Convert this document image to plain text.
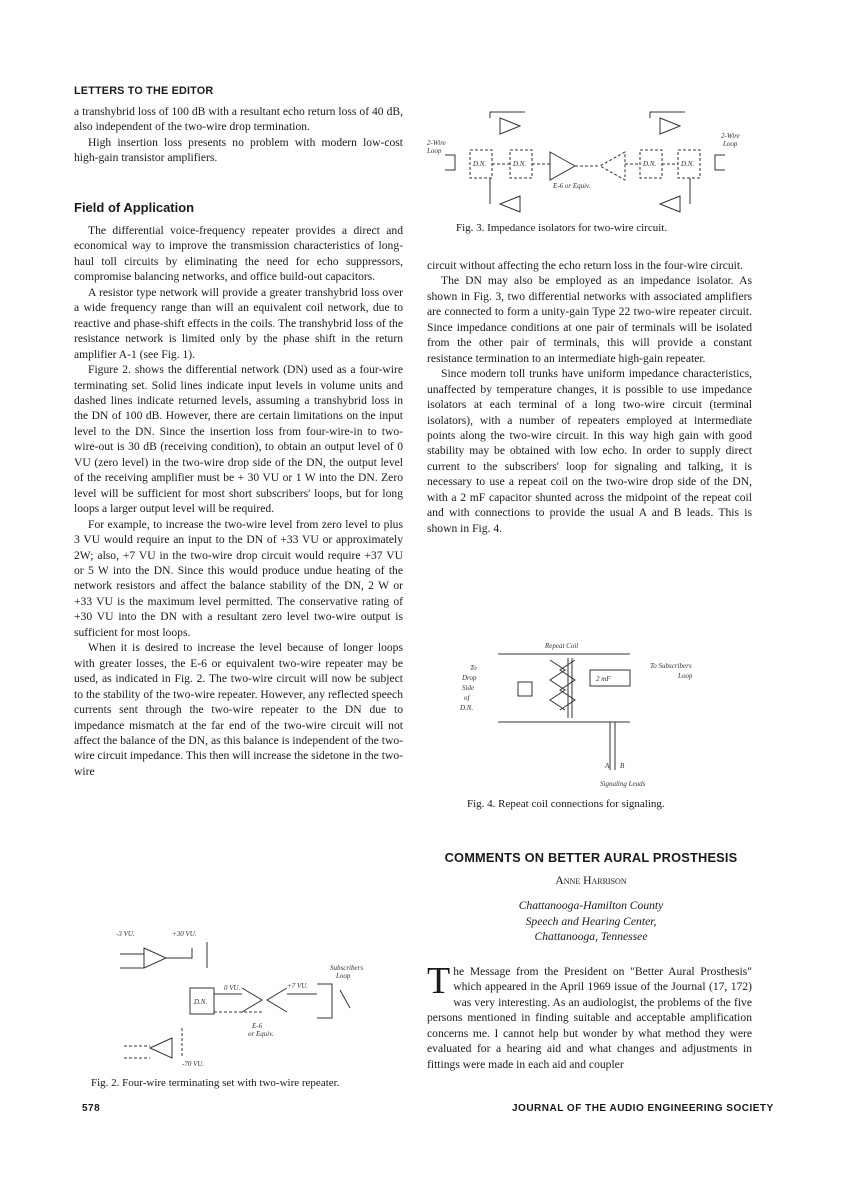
LETTERS TO THE EDITOR

a transhybrid loss of 100 dB with a resultant echo return loss of 40 dB, also independent of the two-wire drop termination.

High insertion loss presents no problem with modern low-cost high-gain transistor amplifiers.

Field of Application

The differential voice-frequency repeater provides a direct and economical way to improve the transmission characteristics of long-haul toll circuits by eliminating the need for echo suppressors, compromise balancing networks, and office build-out capacitors.

A resistor type network will provide a greater transhybrid loss over a wide frequency range than will an equivalent coil network, due to reactive and phase-shift effects in the coils. The transhybrid loss of the resistance network is limited only by the phase shift in the return amplifier A-1 (see Fig. 1).

Figure 2. shows the differential network (DN) used as a four-wire terminating set. Solid lines indicate input levels in volume units and dashed lines indicate returned levels, assuming a transhybrid loss in the DN of 100 dB. However, there are certain limitations on the input level to the DN. Since the insertion loss from four-wire-in to two-wire-out is 30 dB (receiving condition), to obtain an output level of 0 VU (zero level) in the two-wire drop side of the DN, the output level of the receiving amplifier must be + 30 VU or 1 W into the DN. Zero level will be sufficient for most short subscribers' loops, but for long loops a larger output level will be required.

For example, to increase the two-wire level from zero level to plus 3 VU would require an input to the DN of +33 VU or approximately 2W; also, +7 VU in the two-wire drop circuit would require +37 VU or 5 W into the DN. Since this would produce undue heating of the network resistors and affect the balance stability of the DN, 2 W or +33 VU is the maximum level permitted. The conservative rating of +30 VU into the DN with a resultant zero level two-wire output is sufficient for most loops.

When it is desired to increase the level because of longer loops with greater losses, the E-6 or equivalent two-wire repeater may be used, as indicated in Fig. 2. The two-wire circuit will now be subject to the stability of the two-wire repeater. However, any reflected speech currents sent through the two-wire repeater to the DN due to impedance mismatch at the far end of the two-wire circuit will not affect the balance of the DN, as this balance is independent of the two-wire circuit impedance. This then will increase the sidetone in the two-wire

2-Wire
Loop
D.N.	D.N.	D.N.	D.N.
E-6 or Equiv.
2-Wire
Loop
Fig. 3. Impedance isolators for two-wire circuit.

circuit without affecting the echo return loss in the four-wire circuit.

The DN may also be employed as an impedance isolator. As shown in Fig. 3, two differential networks with associated amplifiers are connected to form a unity-gain Type 22 two-wire repeater circuit. Since impedance conditions at one pair of terminals will be isolated from the other pair of terminals, this will provide a constant resistance termination to an intermediate high-gain repeater.

Since modern toll trunks have uniform impedance characteristics, unaffected by temperature changes, it is possible to use impedance isolators at each terminal of a long two-wire circuit (terminal isolators), with a number of repeaters employed at intermediate points along the two-wire circuit. In this way high gain with good stability may be obtained with low echo. In order to supply direct current to the subscribers' loop for signaling and talking, it is necessary to use a repeat coil on the two-wire drop side of the DN, with a 2 mF capacitor shunted across the midpoint of the repeat coil and with connections to provide the usual A and B leads. This is shown in Fig. 4.

Repeat Coil
To
Drop
Side
of
D.N.
To Subscribers
Loop
2 mF
A B
Signaling Leads
Fig. 4. Repeat coil connections for signaling.
COMMENTS ON BETTER AURAL PROSTHESIS
Anne Harrison
Chattanooga-Hamilton County
Speech and Hearing Center,
Chattanooga, Tennessee
T he Message from the President on "Better Aural Prosthesis" which appeared in the April 1969 issue of the Journal (17, 172) was very interesting. As an audiologist, the problems of the five persons mentioned in finding suitable and acceptable amplification concerns me. I cannot help but wonder by what method they were evaluated for a hearing aid and what changes and adjustments in fittings were made in each aid and coupler
-3 VU.	+30 VU.
D.N.
0 VU.	+7 VU.
E-6
or Equiv.
Subscribers
Loop
-70 VU.
Fig. 2. Four-wire terminating set with two-wire repeater.
578	JOURNAL OF THE AUDIO ENGINEERING SOCIETY
